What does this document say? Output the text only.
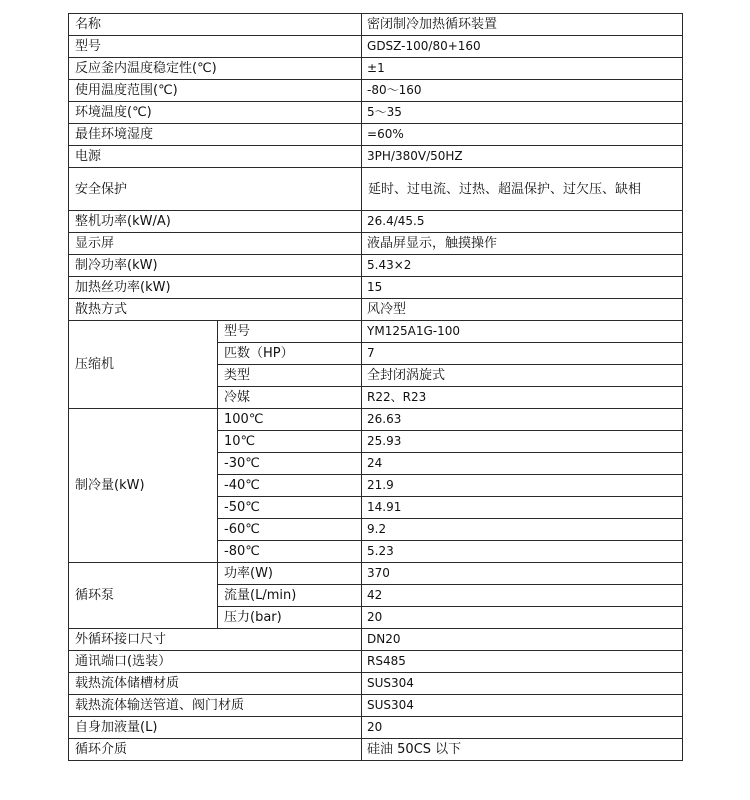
名称		密闭制冷加热循环装置
型号		GDSZ-100/80+160
反应釜内温度稳定性(℃)		±1
使用温度范围(℃)		-80～160
环境温度(℃)		5～35
最佳环境湿度		=60%
电源		3PH/380V/50HZ
安全保护		延时、过电流、过热、超温保护、过欠压、缺相
整机功率(kW/A)		26.4/45.5
显示屏		液晶屏显示，触摸操作
制冷功率(kW)		5.43×2
加热丝功率(kW)		15
散热方式		风冷型
压缩机	型号	YM125A1G-100
	匹数（HP）	7
	类型	全封闭涡旋式
	冷媒	R22、R23
制冷量(kW)	100℃	26.63
	10℃	25.93
	-30℃	24
	-40℃	21.9
	-50℃	14.91
	-60℃	9.2
	-80℃	5.23
循环泵	功率(W)	370
	流量(L/min)	42
	压力(bar)	20
外循环接口尺寸		DN20
通讯端口(选装）		RS485
载热流体储槽材质		SUS304
载热流体输送管道、阀门材质		SUS304
自身加液量(L)		20
循环介质		硅油 50CS 以下
